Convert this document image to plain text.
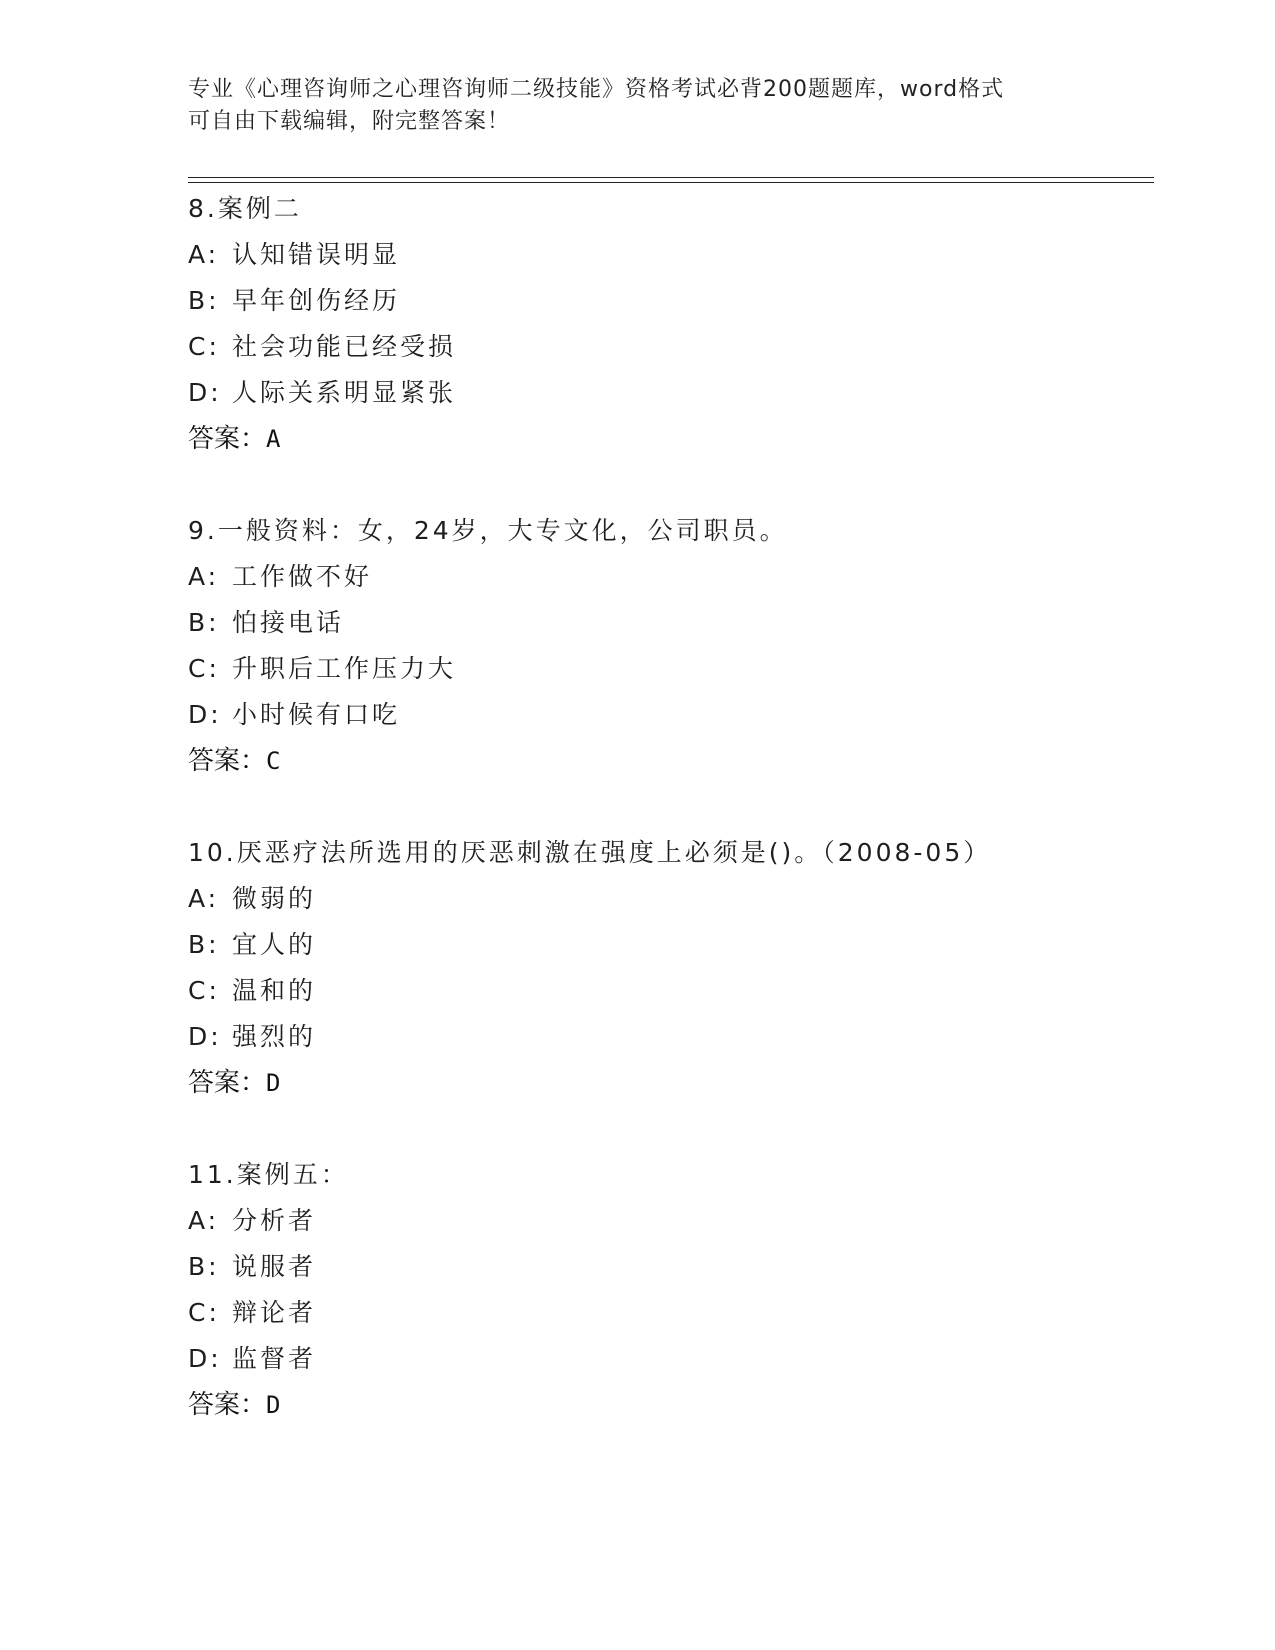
专业《心理咨询师之心理咨询师二级技能》资格考试必背200题题库，word格式
可自由下载编辑，附完整答案！
8.案例二
A: 认知错误明显
B: 早年创伤经历
C: 社会功能已经受损
D: 人际关系明显紧张
答案：A
9.一般资料：女，24岁，大专文化，公司职员。
A: 工作做不好
B: 怕接电话
C: 升职后工作压力大
D: 小时候有口吃
答案：C
10.厌恶疗法所选用的厌恶刺激在强度上必须是()。（2008-05）
A: 微弱的
B: 宜人的
C: 温和的
D: 强烈的
答案：D
11.案例五：
A: 分析者
B: 说服者
C: 辩论者
D: 监督者
答案：D
